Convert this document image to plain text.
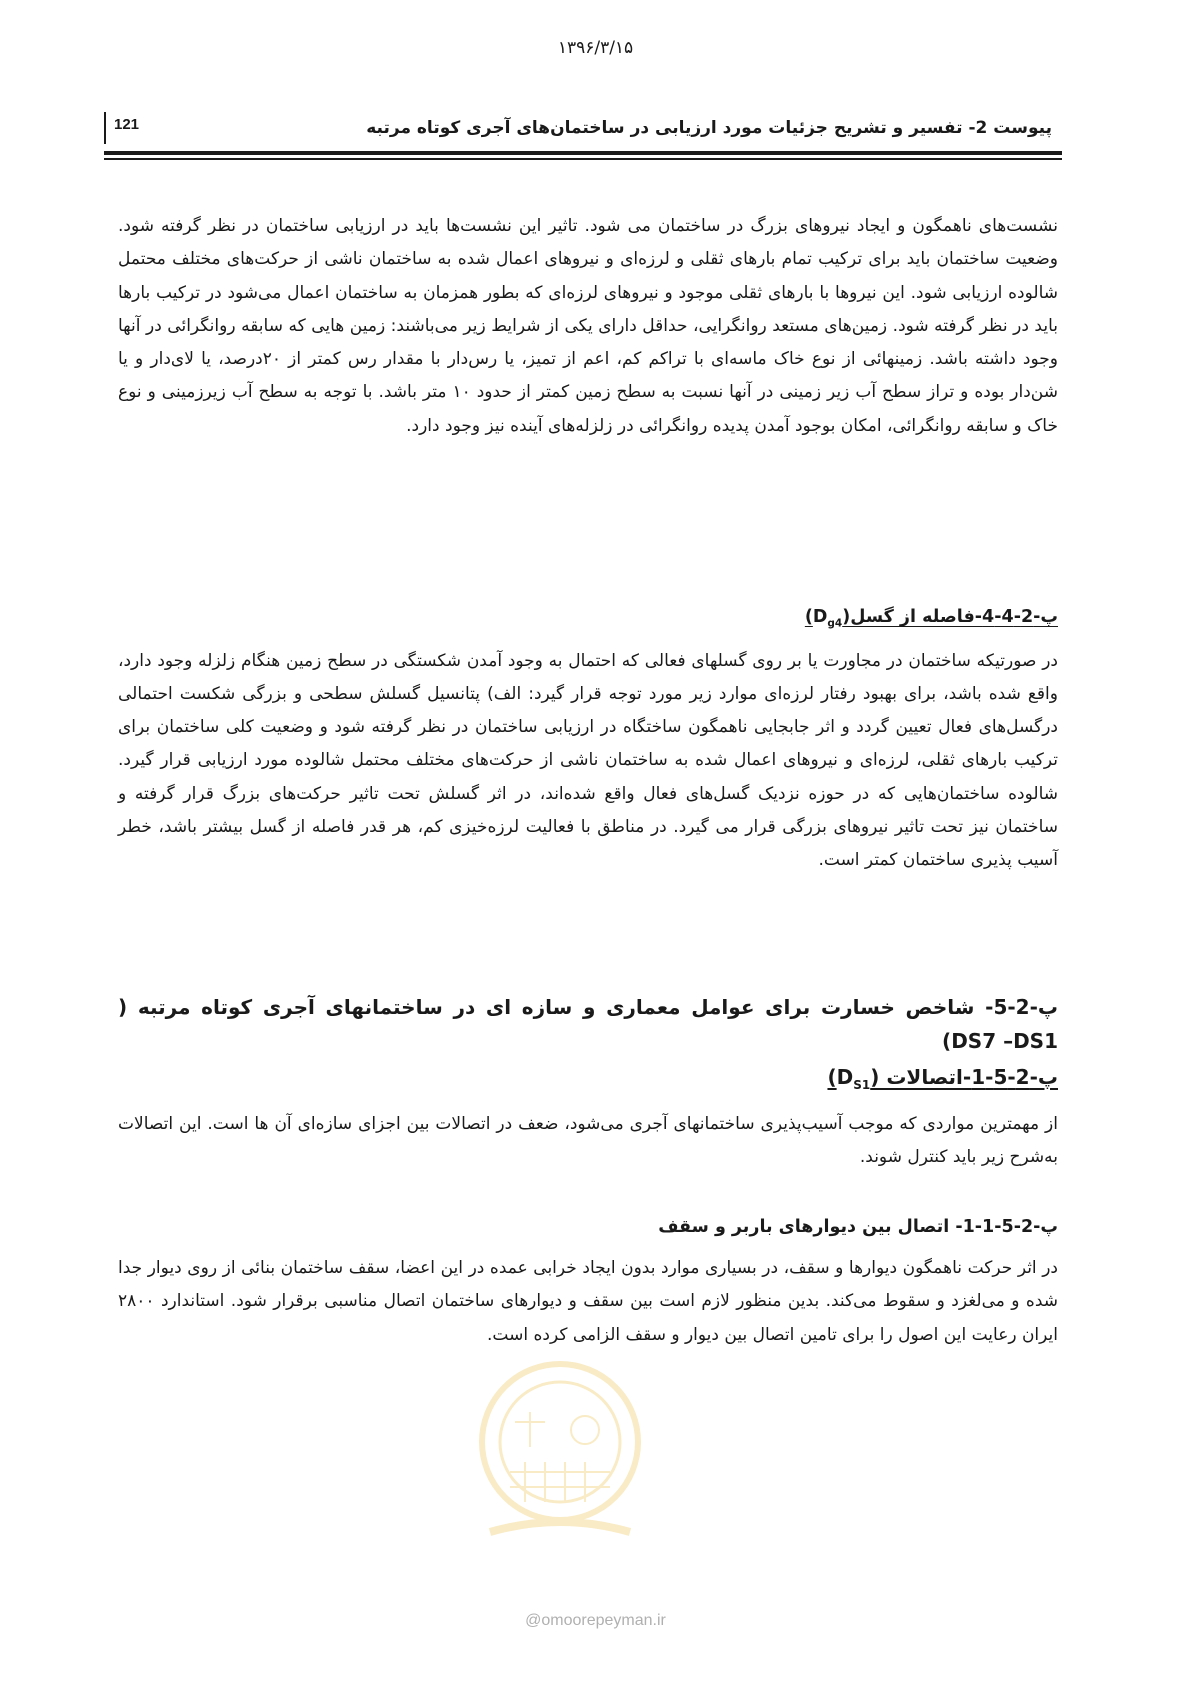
۱۳۹۶/۳/۱۵
121	پیوست 2- تفسیر و تشریح جزئیات مورد ارزیابی در ساختمان‌های آجری کوتاه مرتبه

نشست‌های ناهمگون و ایجاد نیروهای بزرگ در ساختمان می شود. تاثیر این نشست‌ها باید در ارزیابی ساختمان در نظر گرفته شود. وضعیت ساختمان باید برای ترکیب تمام بارهای ثقلی و لرزه‌ای و نیروهای اعمال شده به ساختمان ناشی از حرکت‌های مختلف محتمل شالوده ارزیابی شود. این نیروها با بارهای ثقلی موجود و نیروهای لرزه‌ای که بطور همزمان به ساختمان اعمال می‌شود در ترکیب بارها باید در نظر گرفته شود. زمین‌های مستعد روانگرایی، حداقل دارای یکی از شرایط زیر می‌باشند: زمین هایی که سابقه روانگرائی در آنها وجود داشته باشد. زمینهائی از نوع خاک ماسه‌ای با تراکم کم، اعم از تمیز، یا رس‌دار با مقدار رس کمتر از ۲۰درصد، یا لای‌دار و یا شن‌دار بوده و تراز سطح آب زیر زمینی در آنها نسبت به سطح زمین کمتر از حدود ۱۰ متر باشد. با توجه به سطح آب زیرزمینی و نوع خاک و سابقه روانگرائی، امکان بوجود آمدن پدیده روانگرائی در زلزله‌های آینده نیز وجود دارد.

پ-2-4-4-فاصله از $گسل(D_{g4})$

در صورتیکه ساختمان در مجاورت یا بر روی گسلهای فعالی که احتمال به وجود آمدن شکستگی در سطح زمین هنگام زلزله وجود دارد، واقع شده باشد، برای بهبود رفتار لرزه‌ای موارد زیر مورد توجه قرار گیرد: الف) پتانسیل گسلش سطحی و بزرگی شکست احتمالی درگسل‌های فعال تعیین گردد و اثر جابجایی ناهمگون ساختگاه در ارزیابی ساختمان در نظر گرفته شود و وضعیت کلی ساختمان برای ترکیب بارهای ثقلی، لرزه‌ای و نیروهای اعمال شده به ساختمان ناشی از حرکت‌های مختلف محتمل شالوده مورد ارزیابی قرار گیرد. شالوده ساختمان‌هایی که در حوزه نزدیک گسل‌های فعال واقع شده‌اند، در اثر گسلش تحت تاثیر حرکت‌های بزرگ قرار گرفته و ساختمان نیز تحت تاثیر نیروهای بزرگی قرار می گیرد. در مناطق با فعالیت لرزه‌خیزی کم، هر قدر فاصله از گسل بیشتر باشد، خطر آسیب پذیری ساختمان کمتر است.

پ-2-5- شاخص خسارت برای عوامل معماری و سازه ای در ساختمانهای آجری کوتاه مرتبه (DS7 –DS1)

پ-2-5-1-اتصالات $(D_{S1})$

از مهمترین مواردی که موجب آسیب‌پذیری ساختمانهای آجری می‌شود، ضعف در اتصالات بین اجزای سازه‌ای آن ها است. این اتصالات به‌شرح زیر باید کنترل شوند.

پ-2-5-1-1- اتصال بین دیوارهای باربر و سقف

در اثر حرکت ناهمگون دیوارها و سقف، در بسیاری موارد بدون ایجاد خرابی عمده در این اعضا، سقف ساختمان بنائی از روی دیوار جدا شده و می‌لغزد و سقوط می‌کند. بدین منظور لازم است بین سقف و دیوارهای ساختمان اتصال مناسبی برقرار شود. استاندارد ۲۸۰۰ ایران رعایت این اصول را برای تامین اتصال بین دیوار و سقف الزامی کرده است.

@omoorepeyman.ir
